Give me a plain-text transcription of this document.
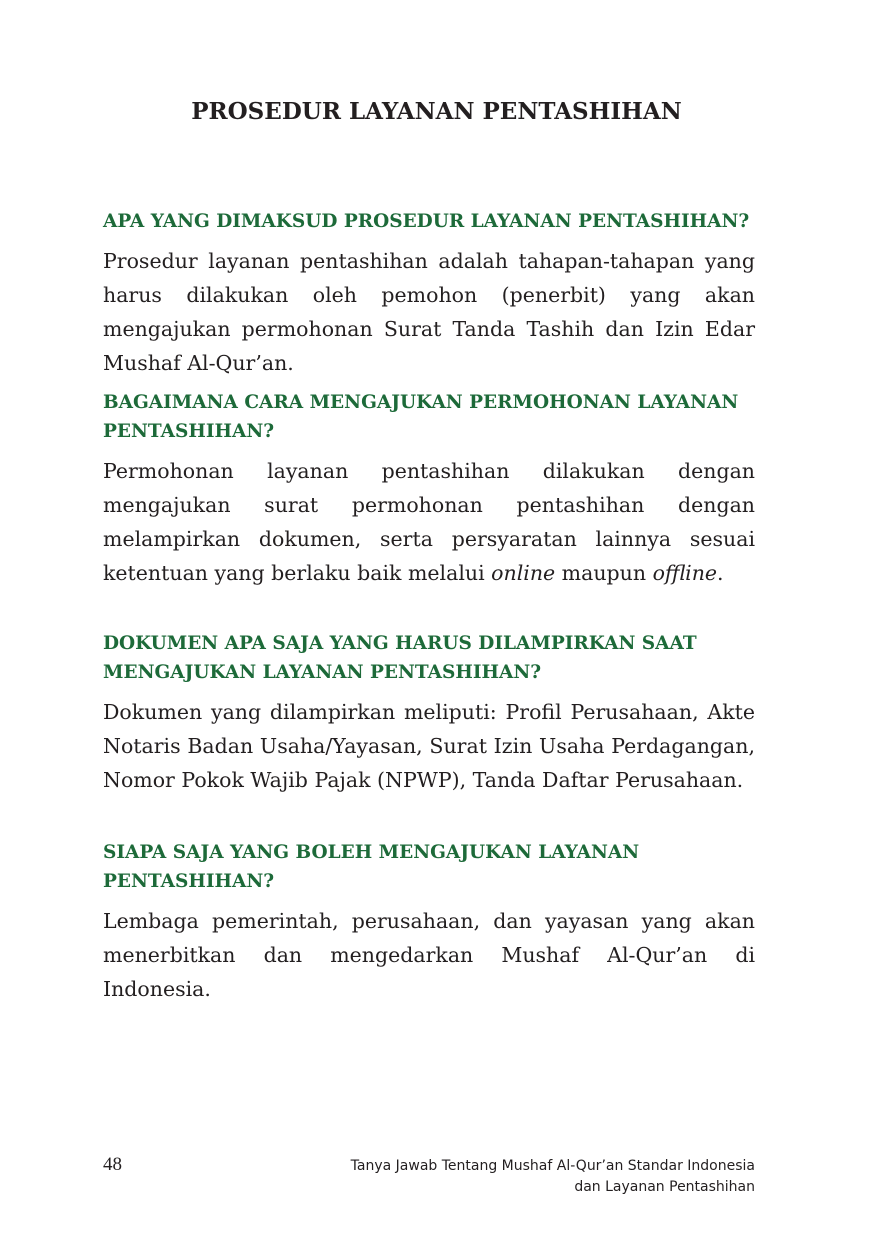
PROSEDUR LAYANAN PENTASHIHAN
APA YANG DIMAKSUD PROSEDUR LAYANAN PENTASHIHAN?

Prosedur layanan pentashihan adalah tahapan-tahapan yang harus dilakukan oleh pemohon (penerbit) yang akan mengajukan permohonan Surat Tanda Tashih dan Izin Edar Mushaf Al-Qur’an.

BAGAIMANA CARA MENGAJUKAN PERMOHONAN LAYANAN PENTASHIHAN?

Permohonan layanan pentashihan dilakukan dengan mengajukan surat permohonan pentashihan dengan melampirkan dokumen, serta persyaratan lainnya sesuai ketentuan yang berlaku baik melalui online maupun offline.

DOKUMEN APA SAJA YANG HARUS DILAMPIRKAN SAAT MENGAJUKAN LAYANAN PENTASHIHAN?

Dokumen yang dilampirkan meliputi: Profil Perusahaan, Akte Notaris Badan Usaha/Yayasan, Surat Izin Usaha Perdagangan, Nomor Pokok Wajib Pajak (NPWP), Tanda Daftar Perusahaan.

SIAPA SAJA YANG BOLEH MENGAJUKAN LAYANAN PENTASHIHAN?

Lembaga pemerintah, perusahaan, dan yayasan yang akan menerbitkan dan mengedarkan Mushaf Al-Qur’an di Indonesia.

48	Tanya Jawab Tentang Mushaf Al-Qur’an Standar Indonesia
dan Layanan Pentashihan
